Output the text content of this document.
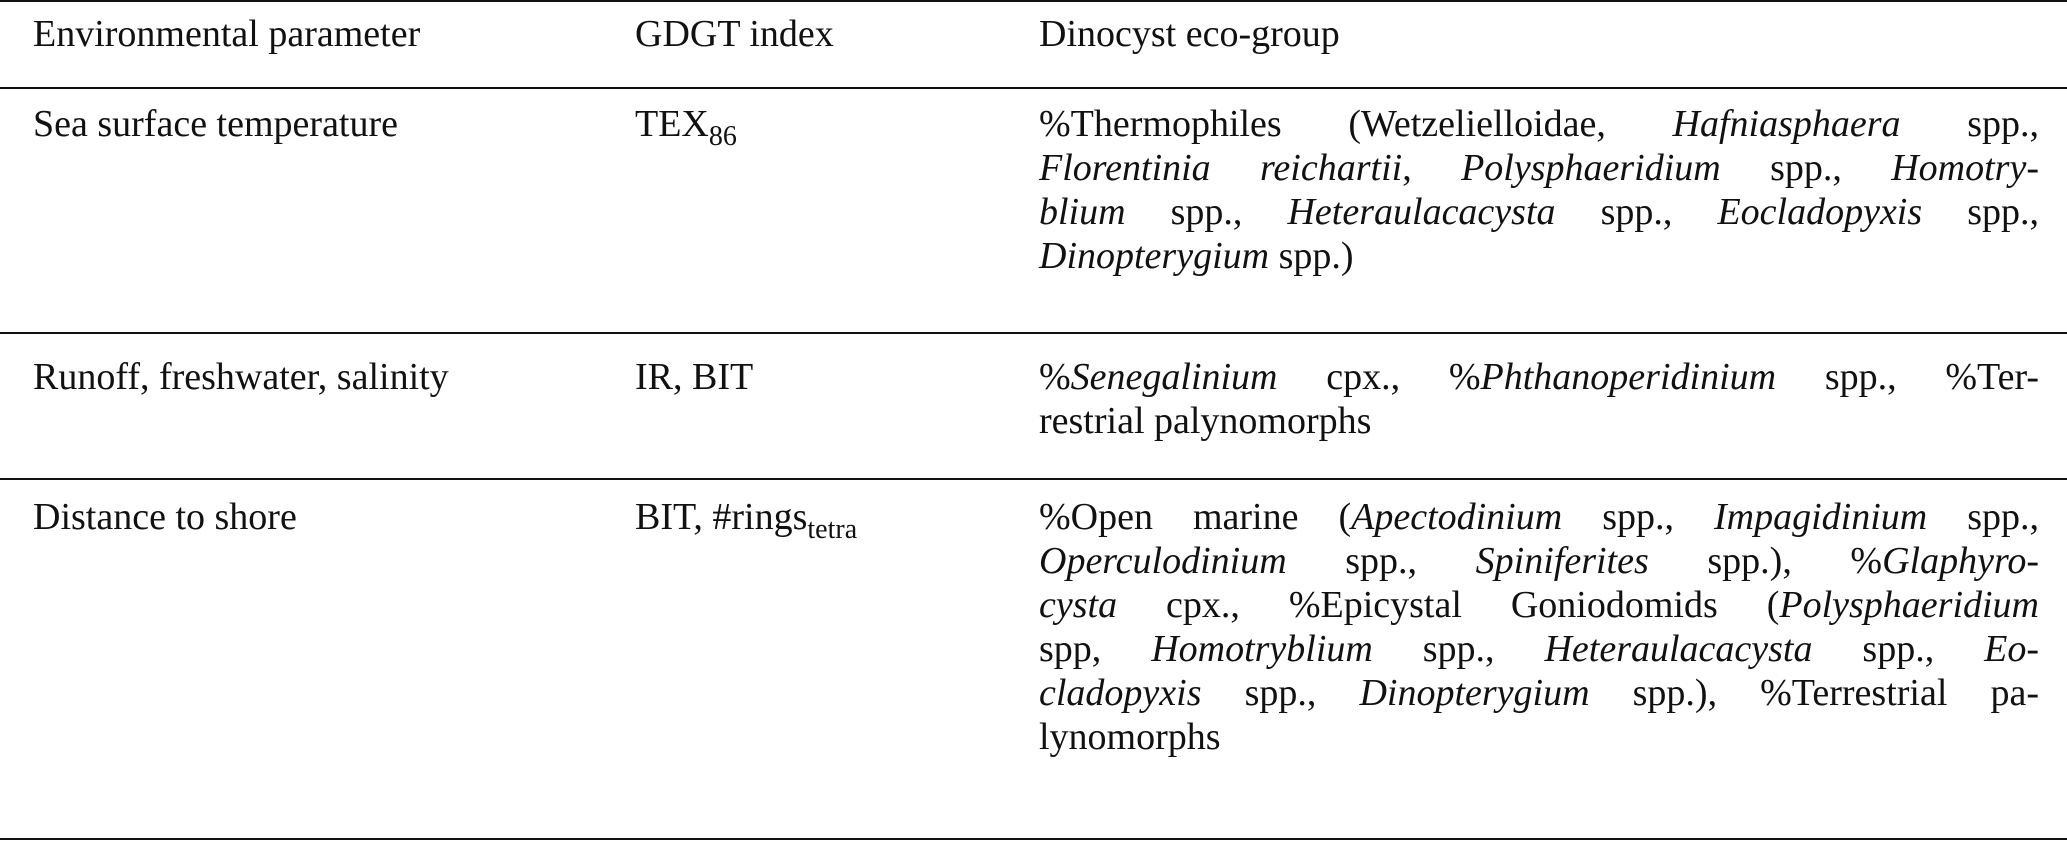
Environmental parameter	GDGT index	Dinocyst eco-group
Sea surface temperature	$TEX_{86}$	%Thermophiles (Wetzelielloidae, Hafniasphaera spp.,
Florentinia reichartii, Polysphaeridium spp., Homotry-
blium spp., Heteraulacacysta spp., Eocladopyxis spp.,
Dinopterygium spp.)
Runoff, freshwater, salinity	IR, BIT	%Senegalinium cpx., %Phthanoperidinium spp., %Ter-
restrial palynomorphs
Distance to shore	BIT, #rings$_{tetra}$	%Open marine (Apectodinium spp., Impagidinium spp.,
Operculodinium spp., Spiniferites spp.), %Glaphyro-
cysta cpx., %Epicystal Goniodomids (Polysphaeridium
spp, Homotryblium spp., Heteraulacacysta spp., Eo-
cladopyxis spp., Dinopterygium spp.), %Terrestrial pa-
lynomorphs
